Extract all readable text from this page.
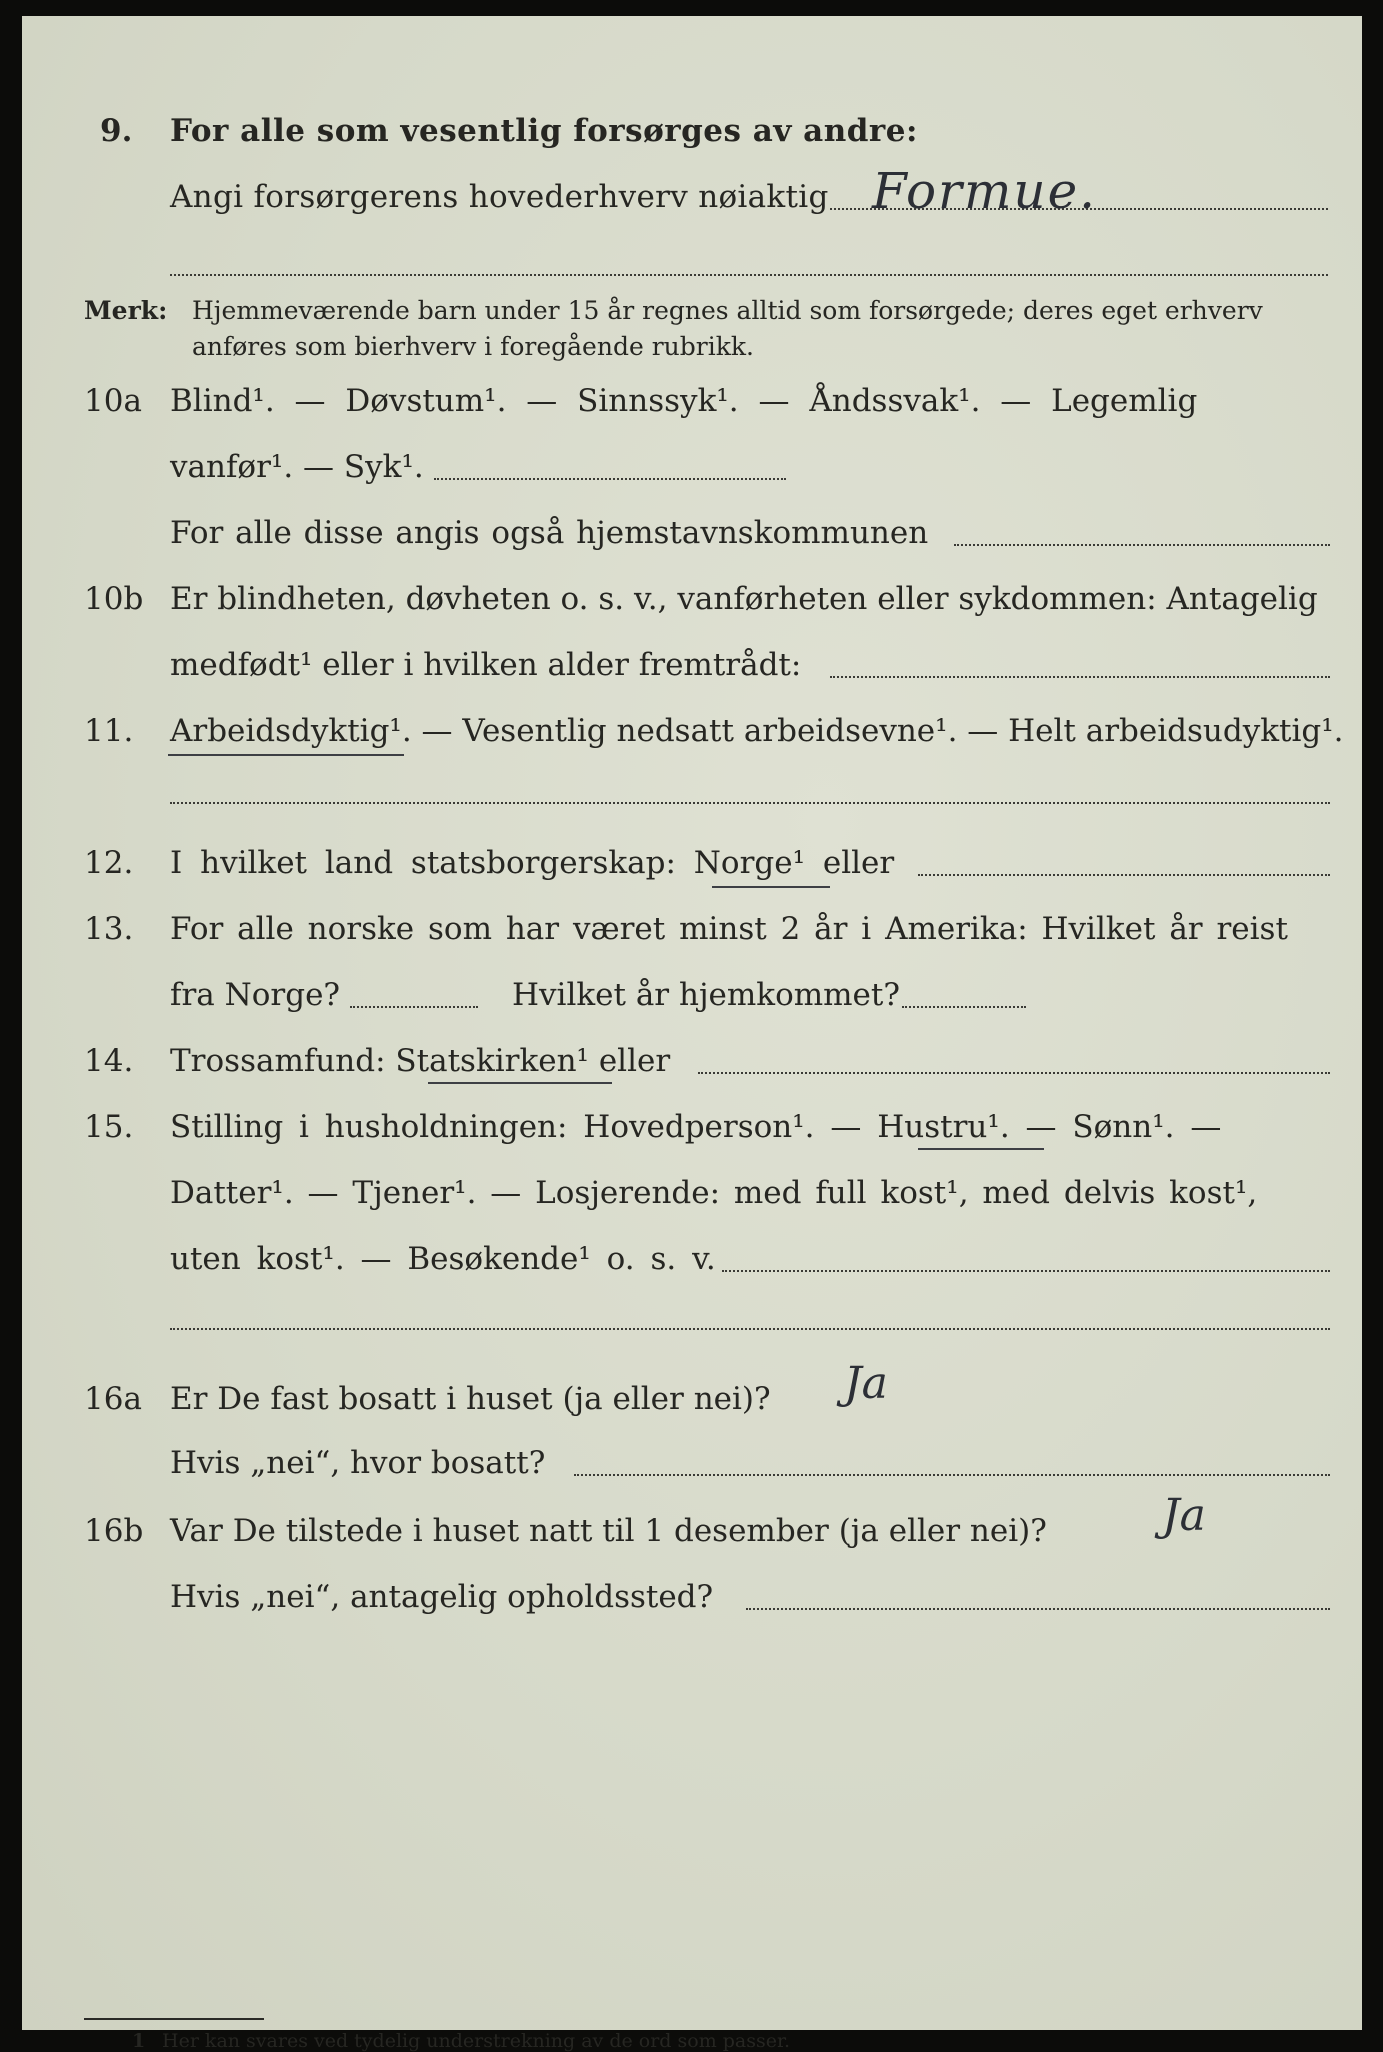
9. For alle som vesentlig forsørges av andre:
Angi forsørgerens hovederhverv nøiaktig Formue.
Merk: Hjemmeværende barn under 15 år regnes alltid som forsørgede; deres eget erhverv
anføres som bierhverv i foregående rubrikk.
10a Blind¹. — Døvstum¹. — Sinnssyk¹. — Åndssvak¹. — Legemlig
vanfør¹. — Syk¹.
For alle disse angis også hjemstavnskommunen
10b Er blindheten, døvheten o. s. v., vanførheten eller sykdommen: Antagelig
medfødt¹ eller i hvilken alder fremtrådt:
11. Arbeidsdyktig¹. — Vesentlig nedsatt arbeidsevne¹. — Helt arbeidsudyktig¹.
12. I hvilket land statsborgerskap: Norge¹ eller
13. For alle norske som har været minst 2 år i Amerika: Hvilket år reist
fra Norge?	Hvilket år hjemkommet?
14. Trossamfund: Statskirken¹ eller
15. Stilling i husholdningen: Hovedperson¹. — Hustru¹. — Sønn¹. —
Datter¹. — Tjener¹. — Losjerende: med full kost¹, med delvis kost¹,
uten kost¹. — Besøkende¹ o. s. v.
16a Er De fast bosatt i huset (ja eller nei)? Ja
Hvis „nei“, hvor bosatt?
16b Var De tilstede i huset natt til 1 desember (ja eller nei)?	Ja
Hvis „nei“, antagelig opholdssted?
1 Her kan svares ved tydelig understrekning av de ord som passer.
